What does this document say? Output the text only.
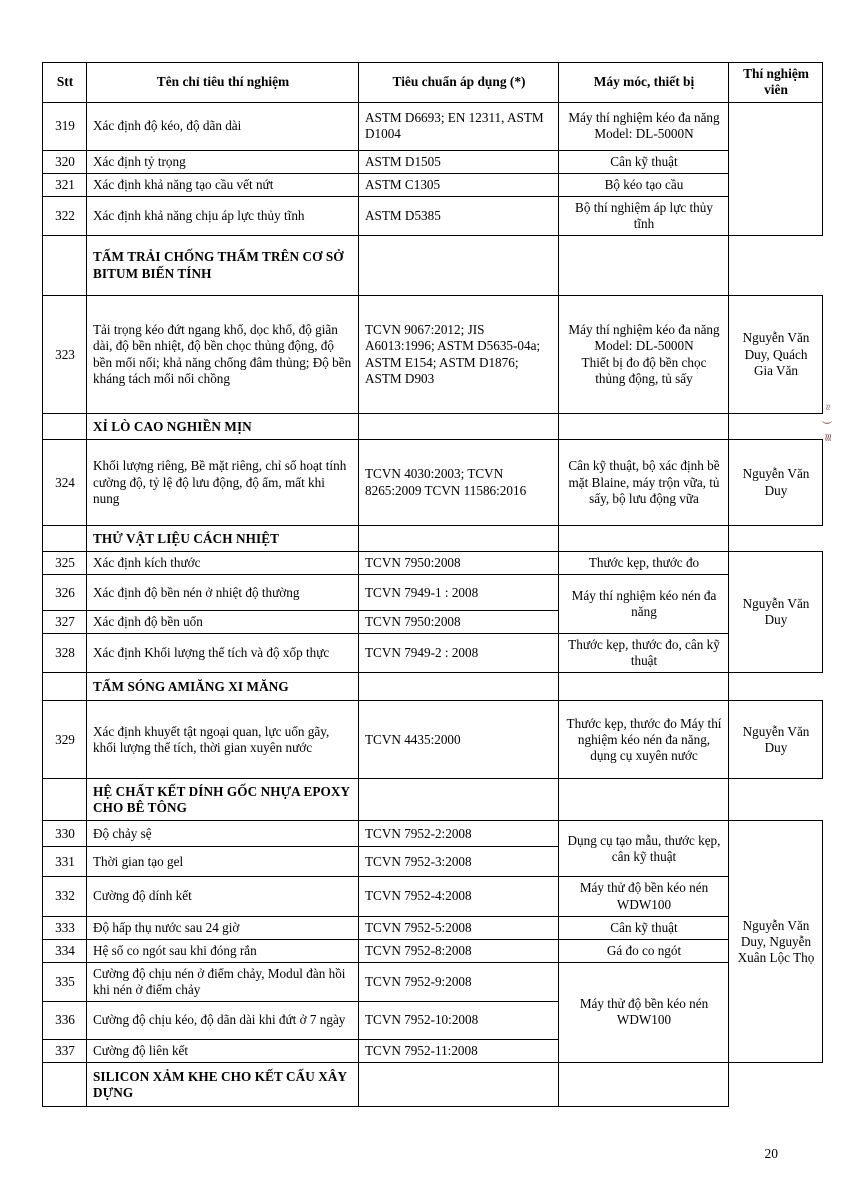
Stt	Tên chỉ tiêu thí nghiệm	Tiêu chuẩn áp dụng (*)	Máy móc, thiết bị	Thí nghiệm viên
319	Xác định độ kéo, độ dãn dài	ASTM D6693; EN 12311, ASTM D1004	Máy thí nghiệm kéo đa năng
Model: DL-5000N	
320	Xác định tỷ trọng	ASTM D1505	Cân kỹ thuật	
321	Xác định khả năng tạo cầu vết nứt	ASTM C1305	Bộ kéo tạo cầu	
322	Xác định khả năng chịu áp lực thủy tĩnh	ASTM D5385	Bộ thí nghiệm áp lực thủy tĩnh	
	TẤM TRẢI CHỐNG THẤM TRÊN CƠ SỞ BITUM BIẾN TÍNH			
323	Tải trọng kéo đứt ngang khổ, dọc khổ, độ giãn dài, độ bền nhiệt, độ bền chọc thủng động, độ bền mối nối; khả năng chống đâm thủng; Độ bền kháng tách mối nối chồng	TCVN 9067:2012; JIS A6013:1996; ASTM D5635-04a; ASTM E154; ASTM D1876; ASTM D903	Máy thí nghiệm kéo đa năng
Model: DL-5000N
Thiết bị đo độ bền chọc thủng động, tủ sấy	Nguyễn Văn Duy, Quách Gia Văn
	XỈ LÒ CAO NGHIỀN MỊN			
324	Khối lượng riêng, Bề mặt riêng, chỉ số hoạt tính cường độ, tỷ lệ độ lưu động, độ ẩm, mất khi nung	TCVN 4030:2003; TCVN 8265:2009 TCVN 11586:2016	Cân kỹ thuật, bộ xác định bề mặt Blaine, máy trộn vữa, tủ sấy, bộ lưu động vữa	Nguyễn Văn Duy
	THỬ VẬT LIỆU CÁCH NHIỆT			
325	Xác định kích thước	TCVN 7950:2008	Thước kẹp, thước đo	Nguyễn Văn Duy
326	Xác định độ bền nén ở nhiệt độ thường	TCVN 7949-1 : 2008	Máy thí nghiệm kéo nén đa năng	
327	Xác định độ bền uốn	TCVN 7950:2008		
328	Xác định Khối lượng thể tích và độ xốp thực	TCVN 7949-2 : 2008	Thước kẹp, thước đo, cân kỹ thuật	
	TẤM SÓNG AMIĂNG XI MĂNG			
329	Xác định khuyết tật ngoại quan, lực uốn gãy, khối lượng thể tích, thời gian xuyên nước	TCVN 4435:2000	Thước kẹp, thước đo Máy thí nghiệm kéo nén đa năng, dụng cụ xuyên nước	Nguyễn Văn Duy
	HỆ CHẤT KẾT DÍNH GỐC NHỰA EPOXY CHO BÊ TÔNG			
330	Độ chảy sệ	TCVN 7952-2:2008	Dụng cụ tạo mẫu, thước kẹp, cân kỹ thuật	Nguyễn Văn Duy, Nguyễn Xuân Lộc Thọ
331	Thời gian tạo gel	TCVN 7952-3:2008		
332	Cường độ dính kết	TCVN 7952-4:2008	Máy thử độ bền kéo nén WDW100	
333	Độ hấp thụ nước sau 24 giờ	TCVN 7952-5:2008	Cân kỹ thuật	
334	Hệ số co ngót sau khi đóng rắn	TCVN 7952-8:2008	Gá đo co ngót	
335	Cường độ chịu nén ở điểm chảy, Modul đàn hồi khi nén ở điểm chảy	TCVN 7952-9:2008	Máy thử độ bền kéo nén WDW100	
336	Cường độ chịu kéo, độ dãn dài khi đứt ở 7 ngày	TCVN 7952-10:2008		
337	Cường độ liên kết	TCVN 7952-11:2008		
	SILICON XẢM KHE CHO KẾT CẤU XÂY DỰNG			
≈
)
≋
20
